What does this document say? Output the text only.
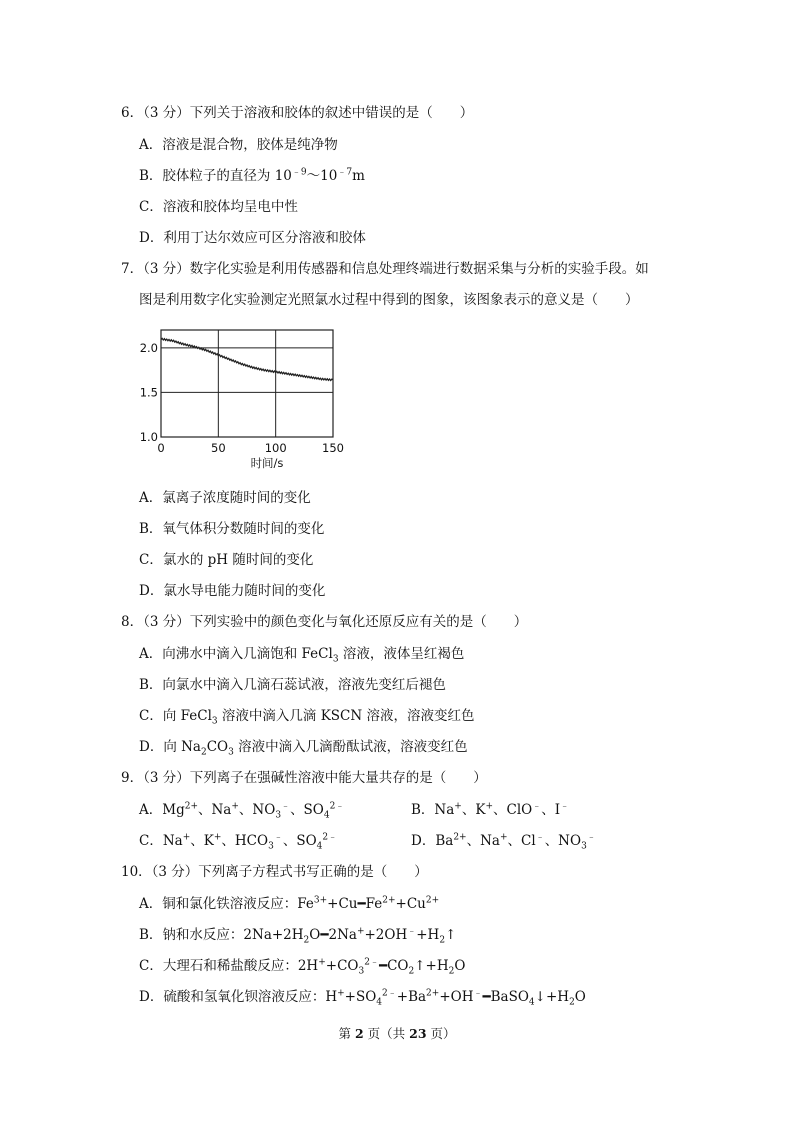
6．（3 分）下列关于溶液和胶体的叙述中错误的是（　　）
A．溶液是混合物，胶体是纯净物
B．胶体粒子的直径为 $10^{﹣9}\sim 10^{﹣7}m$
C．溶液和胶体均呈电中性
D．利用丁达尔效应可区分溶液和胶体
7．（3 分）数字化实验是利用传感器和信息处理终端进行数据采集与分析的实验手段。如
图是利用数字化实验测定光照氯水过程中得到的图象，该图象表示的意义是（　　）
0	50	100	150
1.0
1.5
2.0
时间/s
A．氯离子浓度随时间的变化
B．氧气体积分数随时间的变化
C．氯水的 pH 随时间的变化
D．氯水导电能力随时间的变化
8．（3 分）下列实验中的颜色变化与氧化还原反应有关的是（　　）
A．向沸水中滴入几滴饱和 FeCl$_3$ 溶液，液体呈红褐色
B．向氯水中滴入几滴石蕊试液，溶液先变红后褪色
C．向 FeCl$_3$ 溶液中滴入几滴 KSCN 溶液，溶液变红色
D．向 $Na_2CO_3$ 溶液中滴入几滴酚酞试液，溶液变红色
9．（3 分）下列离子在强碱性溶液中能大量共存的是（　　）
A．$Mg^{2+}$、Na+、$NO_3^﹣$、$SO_4^{2﹣}$	B．Na+、K+、ClO﹣、I﹣
C．Na+、K+、$HCO_3^﹣$、$SO_4^{2﹣}$	D．$Ba^{2+}$、Na+、Cl﹣、$NO_3^﹣$
10．（3 分）下列离子方程式书写正确的是（　　）
A．铜和氯化铁溶液反应：$Fe^{3+}+Cu━Fe^{2+}+Cu^{2+}$
B．钠和水反应：$2Na+2H_2O━2Na^++2OH^﹣+H_2↑$
C．大理石和稀盐酸反应：$2H^++CO_3^{2﹣}━CO_2↑+H_2O$
D．硫酸和氢氧化钡溶液反应：$H^++SO_4^{2﹣}+Ba^{2+}+OH^﹣━BaSO_4↓+H_2O$
第 2 页（共 23 页）
